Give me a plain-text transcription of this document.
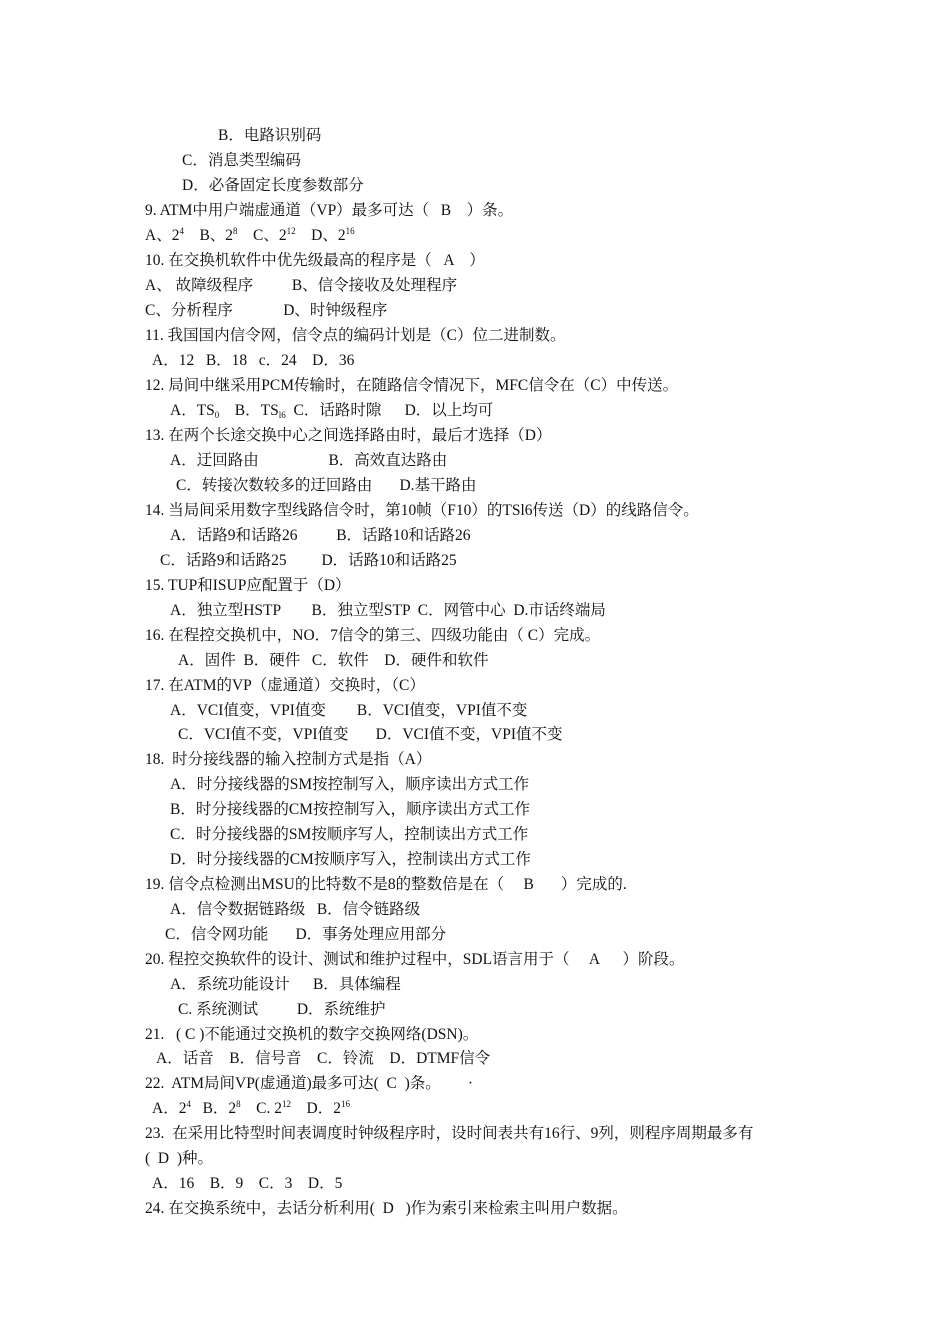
B．电路识别码
C．消息类型编码
D．必备固定长度参数部分
9. ATM中用户端虚通道（VP）最多可达（   B    ）条。
A、$2^4$    B、$2^8$    C、$2^{12}$    D、$2^{16}$
10. 在交换机软件中优先级最高的程序是（   A    ）
A、 故障级程序          B、信令接收及处理程序
C、分析程序             D、时钟级程序
11. 我国国内信令网，信令点的编码计划是（C）位二进制数。
A．12   B．18   c．24    D．36
12. 局间中继采用PCM传输时，在随路信令情况下，MFC信令在（C）中传送。
A．$TS_0$    B．$TS_{l6}$  C．话路时隙      D．以上均可
13. 在两个长途交换中心之间选择路由时，最后才选择（D）
A．迂回路由                  B．高效直达路由
C．转接次数较多的迂回路由       D.基干路由
14. 当局间采用数字型线路信令时，第10帧（F10）的TSl6传送（D）的线路信令。
A．话路9和话路26          B．话路10和话路26
C．话路9和话路25         D．话路10和话路25
15. TUP和ISUP应配置于（D）
A．独立型HSTP        B．独立型STP  C．网管中心  D.市话终端局
16. 在程控交换机中，NO．7信令的第三、四级功能由（ C）完成。
A．固件  B．硬件   C．软件    D．硬件和软件
17. 在ATM的VP（虚通道）交换时，（C）
A．VCI值变，VPI值变        B．VCI值变，VPI值不变
C．VCI值不变，VPI值变       D．VCI值不变，VPI值不变
18.  时分接线器的输入控制方式是指（A）
A．时分接线器的SM按控制写入，顺序读出方式工作
B．时分接线器的CM按控制写入，顺序读出方式工作
C．时分接线器的SM按顺序写人，控制读出方式工作
D．时分接线器的CM按顺序写入，控制读出方式工作
19. 信令点检测出MSU的比特数不是8的整数倍是在（     B       ）完成的.
A．信令数据链路级   B．信令链路级
C．信令网功能       D．事务处理应用部分
20. 程控交换软件的设计、测试和维护过程中，SDL语言用于（     A      ）阶段。
A．系统功能设计      B．具体编程
C. 系统测试          D．系统维护
21.   ( C )不能通过交换机的数字交换网络(DSN)。
A．话音    B．信号音    C．铃流    D．DTMF信令
22.  ATM局间VP(虚通道)最多可达(  C  )条。       ·
A．$2^4$   B．$2^8$    C. $2^{12}$    D．$2^{16}$
23.  在采用比特型时间表调度时钟级程序时，设时间表共有16行、9列，则程序周期最多有
(  D  )种。
A．16    B．9    C．3    D．5
24. 在交换系统中，去话分析利用(  D   )作为索引来检索主叫用户数据。
